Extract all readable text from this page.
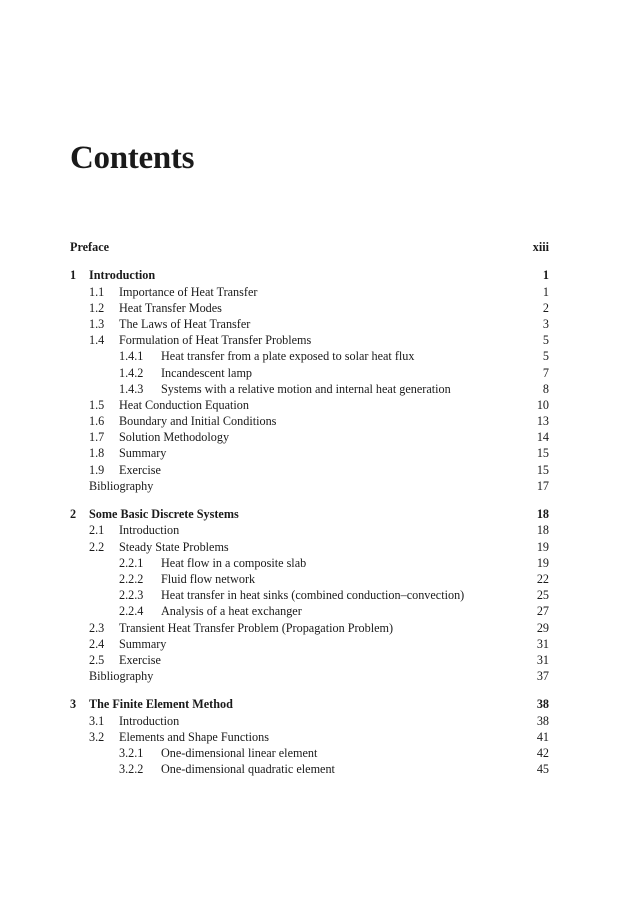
Contents
Preface	xiii
1 Introduction	1
1.1 Importance of Heat Transfer	1
1.2 Heat Transfer Modes	2
1.3 The Laws of Heat Transfer	3
1.4 Formulation of Heat Transfer Problems	5
1.4.1 Heat transfer from a plate exposed to solar heat flux	5
1.4.2 Incandescent lamp	7
1.4.3 Systems with a relative motion and internal heat generation	8
1.5 Heat Conduction Equation	10
1.6 Boundary and Initial Conditions	13
1.7 Solution Methodology	14
1.8 Summary	15
1.9 Exercise	15
Bibliography	17
2 Some Basic Discrete Systems	18
2.1 Introduction	18
2.2 Steady State Problems	19
2.2.1 Heat flow in a composite slab	19
2.2.2 Fluid flow network	22
2.2.3 Heat transfer in heat sinks (combined conduction–convection)	25
2.2.4 Analysis of a heat exchanger	27
2.3 Transient Heat Transfer Problem (Propagation Problem)	29
2.4 Summary	31
2.5 Exercise	31
Bibliography	37
3 The Finite Element Method	38
3.1 Introduction	38
3.2 Elements and Shape Functions	41
3.2.1 One-dimensional linear element	42
3.2.2 One-dimensional quadratic element	45
